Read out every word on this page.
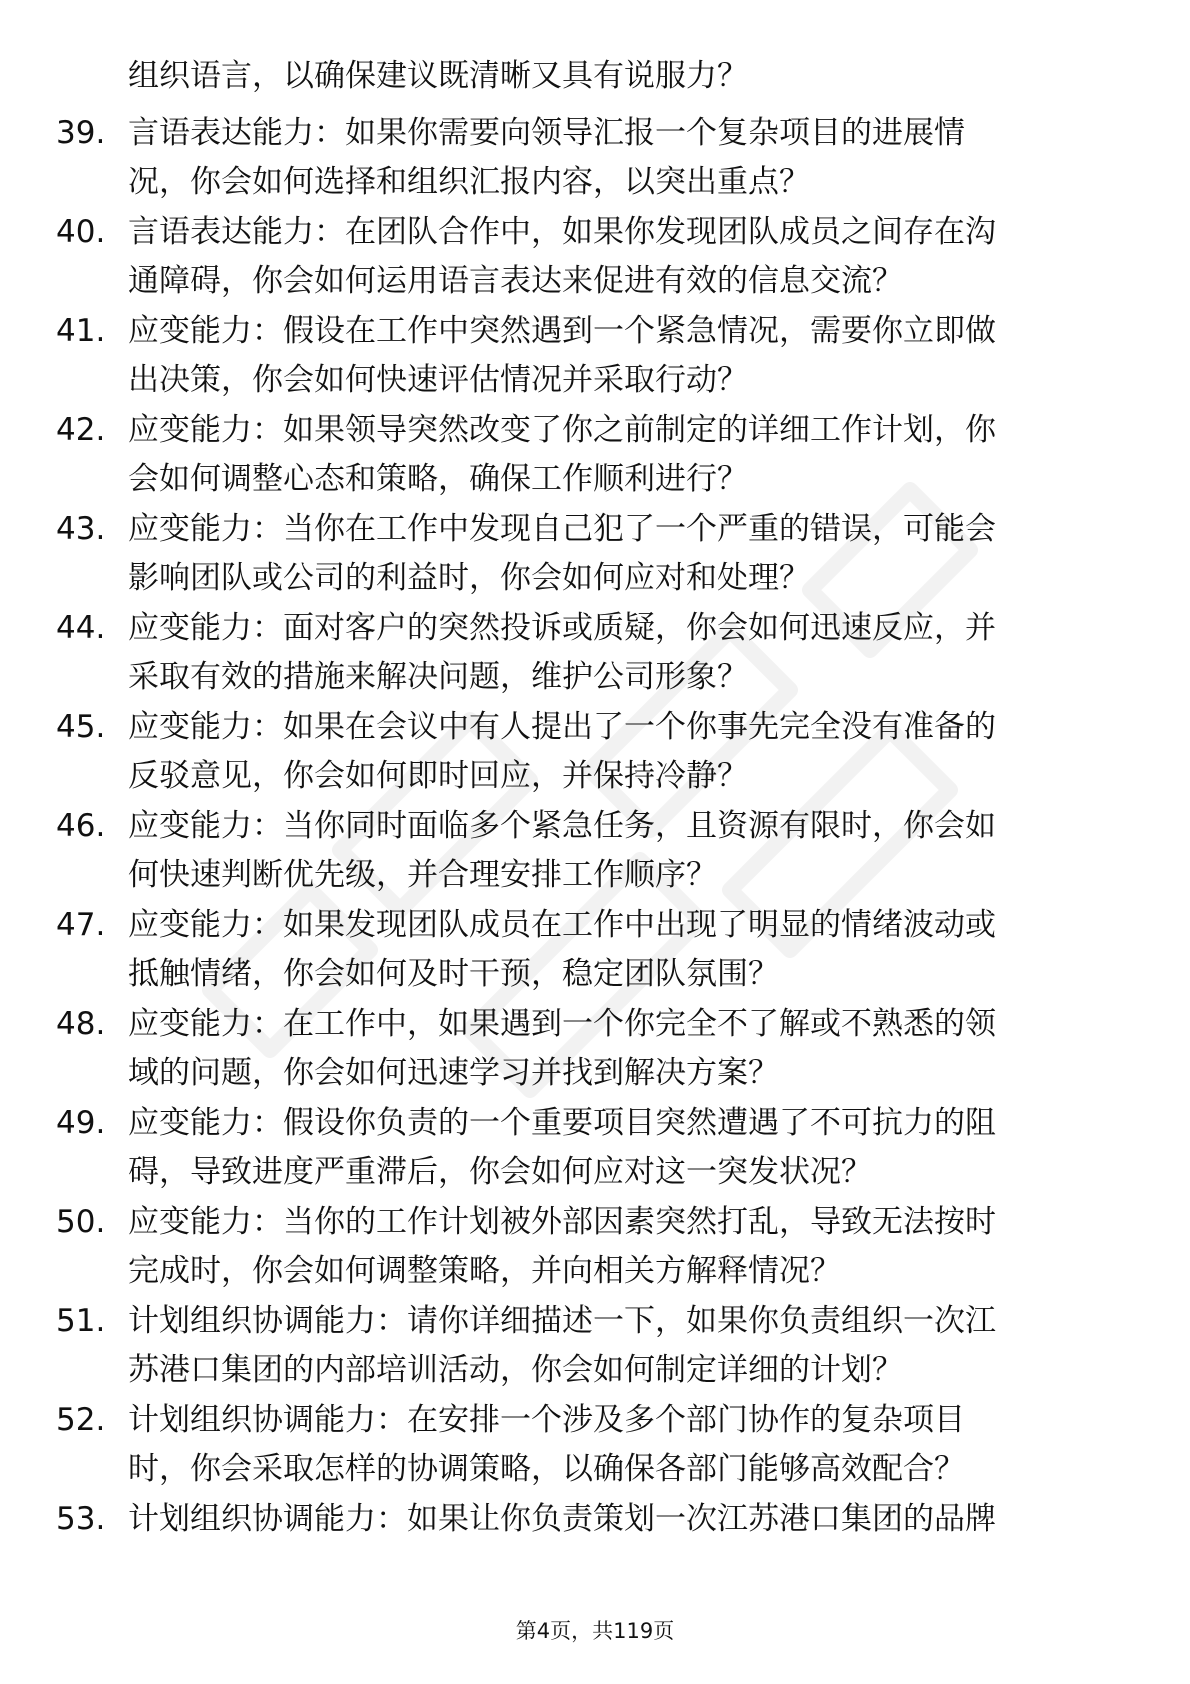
组织语言，以确保建议既清晰又具有说服力？
39. 言语表达能力：如果你需要向领导汇报一个复杂项目的进展情
况，你会如何选择和组织汇报内容，以突出重点？
40. 言语表达能力：在团队合作中，如果你发现团队成员之间存在沟
通障碍，你会如何运用语言表达来促进有效的信息交流？
41. 应变能力：假设在工作中突然遇到一个紧急情况，需要你立即做
出决策，你会如何快速评估情况并采取行动？
42. 应变能力：如果领导突然改变了你之前制定的详细工作计划，你
会如何调整心态和策略，确保工作顺利进行？
43. 应变能力：当你在工作中发现自己犯了一个严重的错误，可能会
影响团队或公司的利益时，你会如何应对和处理？
44. 应变能力：面对客户的突然投诉或质疑，你会如何迅速反应，并
采取有效的措施来解决问题，维护公司形象？
45. 应变能力：如果在会议中有人提出了一个你事先完全没有准备的
反驳意见，你会如何即时回应，并保持冷静？
46. 应变能力：当你同时面临多个紧急任务，且资源有限时，你会如
何快速判断优先级，并合理安排工作顺序？
47. 应变能力：如果发现团队成员在工作中出现了明显的情绪波动或
抵触情绪，你会如何及时干预，稳定团队氛围？
48. 应变能力：在工作中，如果遇到一个你完全不了解或不熟悉的领
域的问题，你会如何迅速学习并找到解决方案？
49. 应变能力：假设你负责的一个重要项目突然遭遇了不可抗力的阻
碍，导致进度严重滞后，你会如何应对这一突发状况？
50. 应变能力：当你的工作计划被外部因素突然打乱，导致无法按时
完成时，你会如何调整策略，并向相关方解释情况？
51. 计划组织协调能力：请你详细描述一下，如果你负责组织一次江
苏港口集团的内部培训活动，你会如何制定详细的计划？
52. 计划组织协调能力：在安排一个涉及多个部门协作的复杂项目
时，你会采取怎样的协调策略，以确保各部门能够高效配合？
53. 计划组织协调能力：如果让你负责策划一次江苏港口集团的品牌
第4页，共119页
